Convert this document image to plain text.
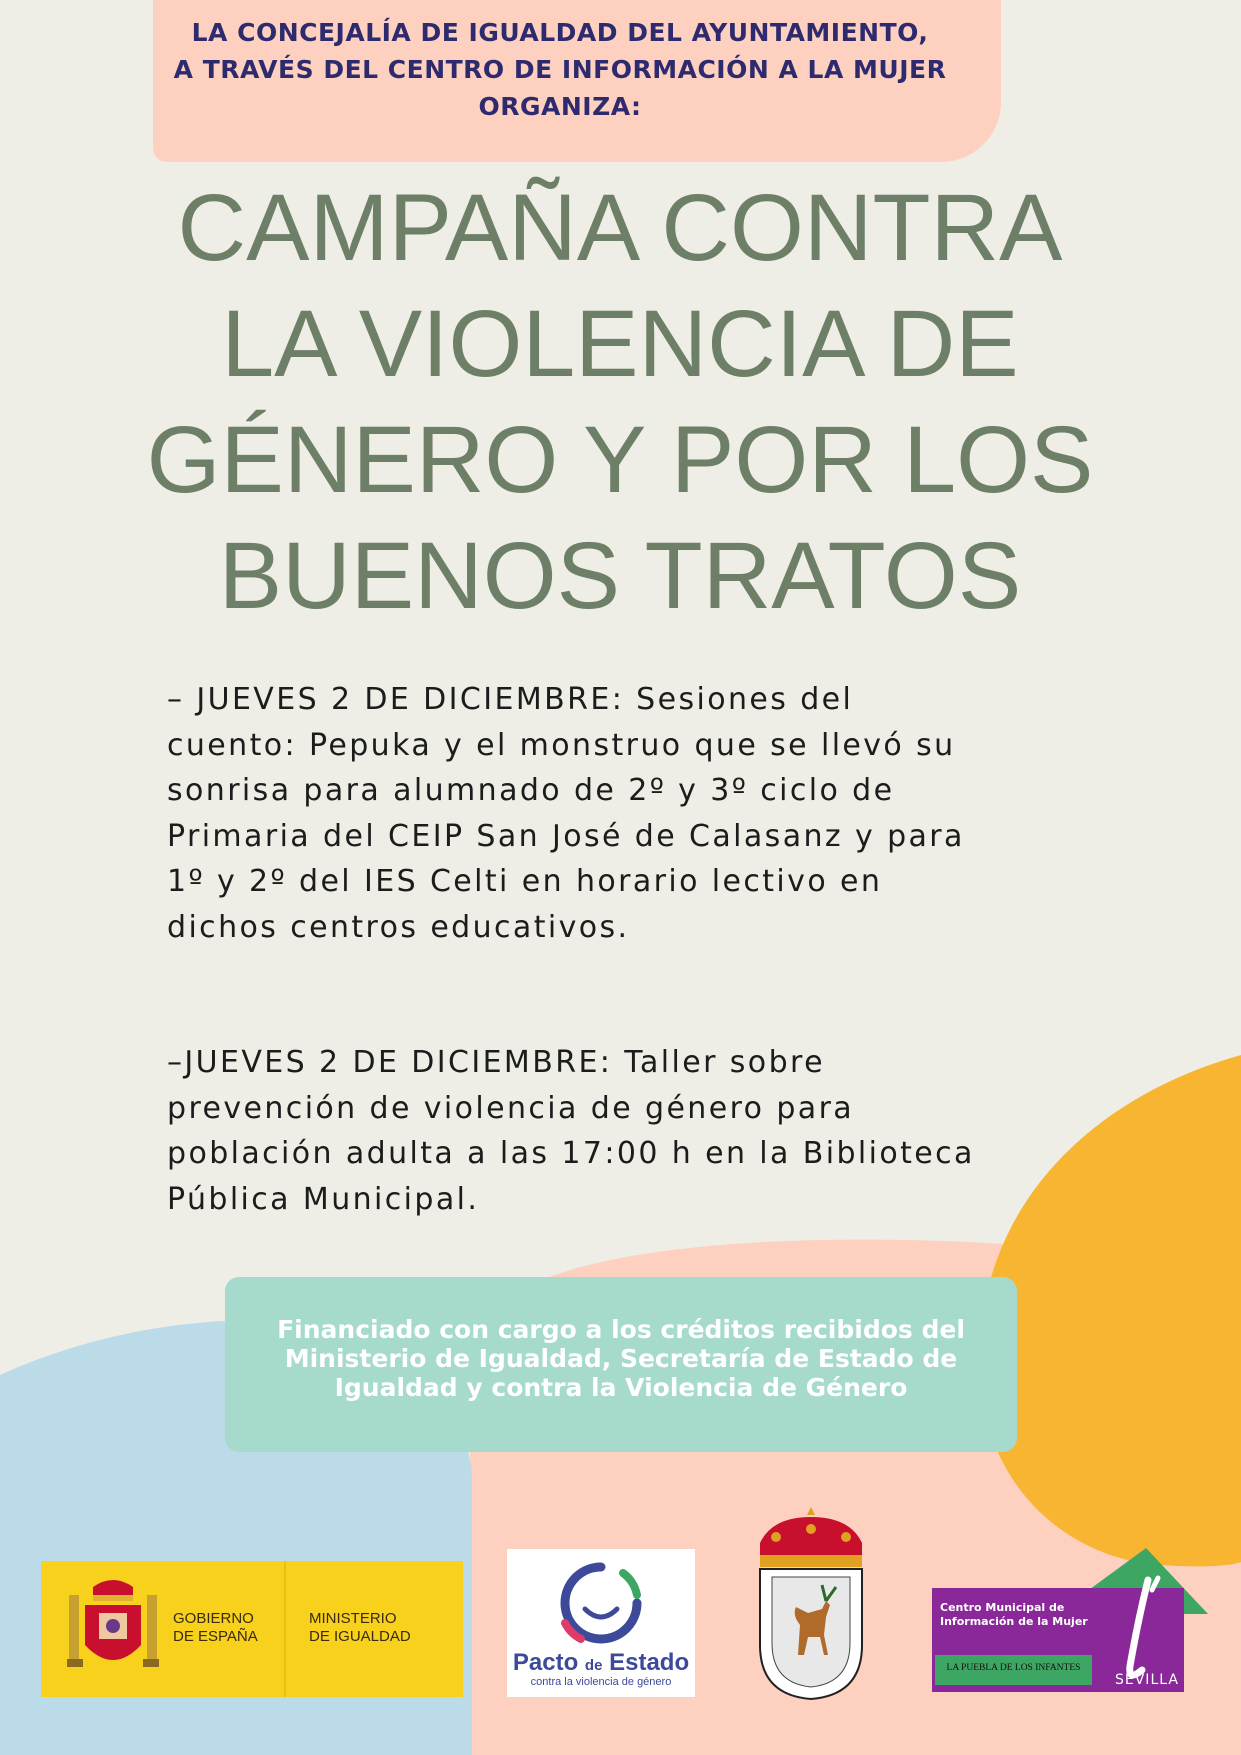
LA CONCEJALÍA DE IGUALDAD DEL AYUNTAMIENTO,
A TRAVÉS DEL CENTRO DE INFORMACIÓN A LA MUJER
ORGANIZA:
CAMPAÑA CONTRA
LA VIOLENCIA DE
GÉNERO Y POR LOS
BUENOS TRATOS
– JUEVES 2 DE DICIEMBRE: Sesiones del
cuento: Pepuka y el monstruo que se llevó su
sonrisa para alumnado de 2º y 3º ciclo de
Primaria del CEIP San José de Calasanz y para
1º y 2º del IES Celti en horario lectivo en
dichos centros educativos.
–JUEVES 2 DE DICIEMBRE: Taller sobre
prevención de violencia de género para
población adulta a las 17:00 h en la Biblioteca
Pública Municipal.
Financiado con cargo a los créditos recibidos del
Ministerio de Igualdad, Secretaría de Estado de
Igualdad y contra la Violencia de Género
GOBIERNO
DE ESPAÑA
MINISTERIO
DE IGUALDAD
Pacto de Estado
contra la violencia de género
Centro Municipal de
Información de la Mujer
LA PUEBLA DE LOS INFANTES
SEVILLA
